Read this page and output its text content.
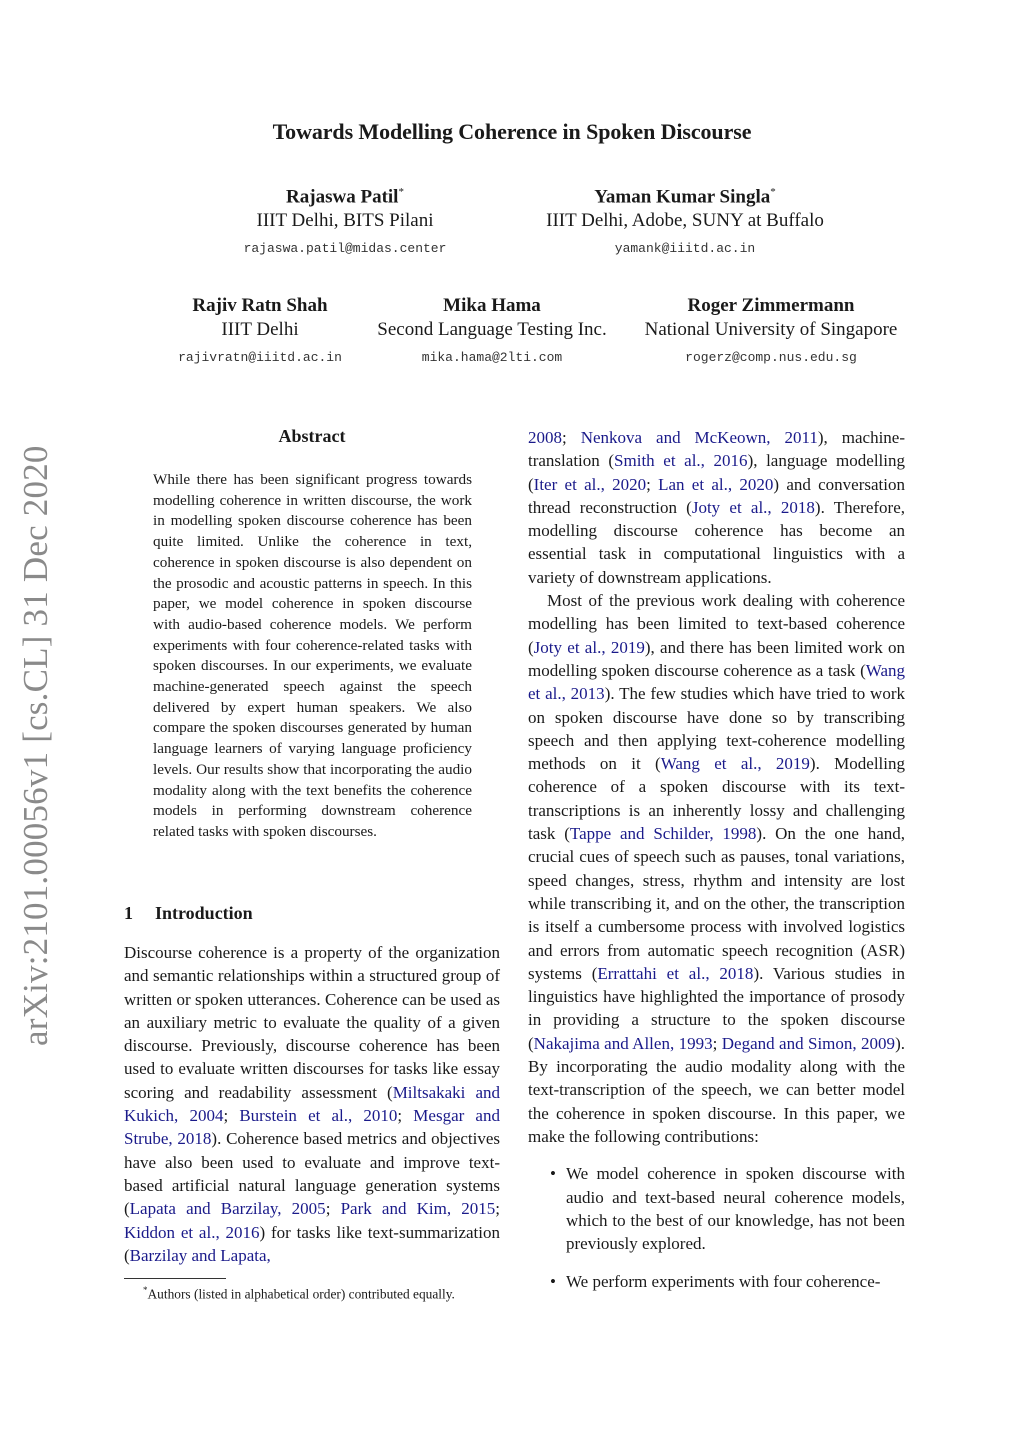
Towards Modelling Coherence in Spoken Discourse
Rajaswa Patil*
IIIT Delhi, BITS Pilani
rajaswa.patil@midas.center
Yaman Kumar Singla*
IIIT Delhi, Adobe, SUNY at Buffalo
yamank@iiitd.ac.in
Rajiv Ratn Shah
IIIT Delhi
rajivratn@iiitd.ac.in
Mika Hama
Second Language Testing Inc.
mika.hama@2lti.com
Roger Zimmermann
National University of Singapore
rogerz@comp.nus.edu.sg
arXiv:2101.00056v1 [cs.CL] 31 Dec 2020
Abstract
While there has been significant progress towards modelling coherence in written discourse, the work in modelling spoken discourse coherence has been quite limited. Unlike the coherence in text, coherence in spoken discourse is also dependent on the prosodic and acoustic patterns in speech. In this paper, we model coherence in spoken discourse with audio-based coherence models. We perform experiments with four coherence-related tasks with spoken discourses. In our experiments, we evaluate machine-generated speech against the speech delivered by expert human speakers. We also compare the spoken discourses generated by human language learners of varying language proficiency levels. Our results show that incorporating the audio modality along with the text benefits the coherence models in performing downstream coherence related tasks with spoken discourses.
1 Introduction

Discourse coherence is a property of the organization and semantic relationships within a structured group of written or spoken utterances. Coherence can be used as an auxiliary metric to evaluate the quality of a given discourse. Previously, discourse coherence has been used to evaluate written discourses for tasks like essay scoring and readability assessment (Miltsakaki and Kukich, 2004; Burstein et al., 2010; Mesgar and Strube, 2018). Coherence based metrics and objectives have also been used to evaluate and improve text-based artificial natural language generation systems (Lapata and Barzilay, 2005; Park and Kim, 2015; Kiddon et al., 2016) for tasks like text-summarization (Barzilay and Lapata,

*Authors (listed in alphabetical order) contributed equally.

2008; Nenkova and McKeown, 2011), machine-translation (Smith et al., 2016), language modelling (Iter et al., 2020; Lan et al., 2020) and conversation thread reconstruction (Joty et al., 2018). Therefore, modelling discourse coherence has become an essential task in computational linguistics with a variety of downstream applications.

Most of the previous work dealing with coherence modelling has been limited to text-based coherence (Joty et al., 2019), and there has been limited work on modelling spoken discourse coherence as a task (Wang et al., 2013). The few studies which have tried to work on spoken discourse have done so by transcribing speech and then applying text-coherence modelling methods on it (Wang et al., 2019). Modelling coherence of a spoken discourse with its text-transcriptions is an inherently lossy and challenging task (Tappe and Schilder, 1998). On the one hand, crucial cues of speech such as pauses, tonal variations, speed changes, stress, rhythm and intensity are lost while transcribing it, and on the other, the transcription is itself a cumbersome process with involved logistics and errors from automatic speech recognition (ASR) systems (Errattahi et al., 2018). Various studies in linguistics have highlighted the importance of prosody in providing a structure to the spoken discourse (Nakajima and Allen, 1993; Degand and Simon, 2009). By incorporating the audio modality along with the text-transcription of the speech, we can better model the coherence in spoken discourse. In this paper, we make the following contributions:

• We model coherence in spoken discourse with audio and text-based neural coherence models, which to the best of our knowledge, has not been previously explored.
• We perform experiments with four coherence-
